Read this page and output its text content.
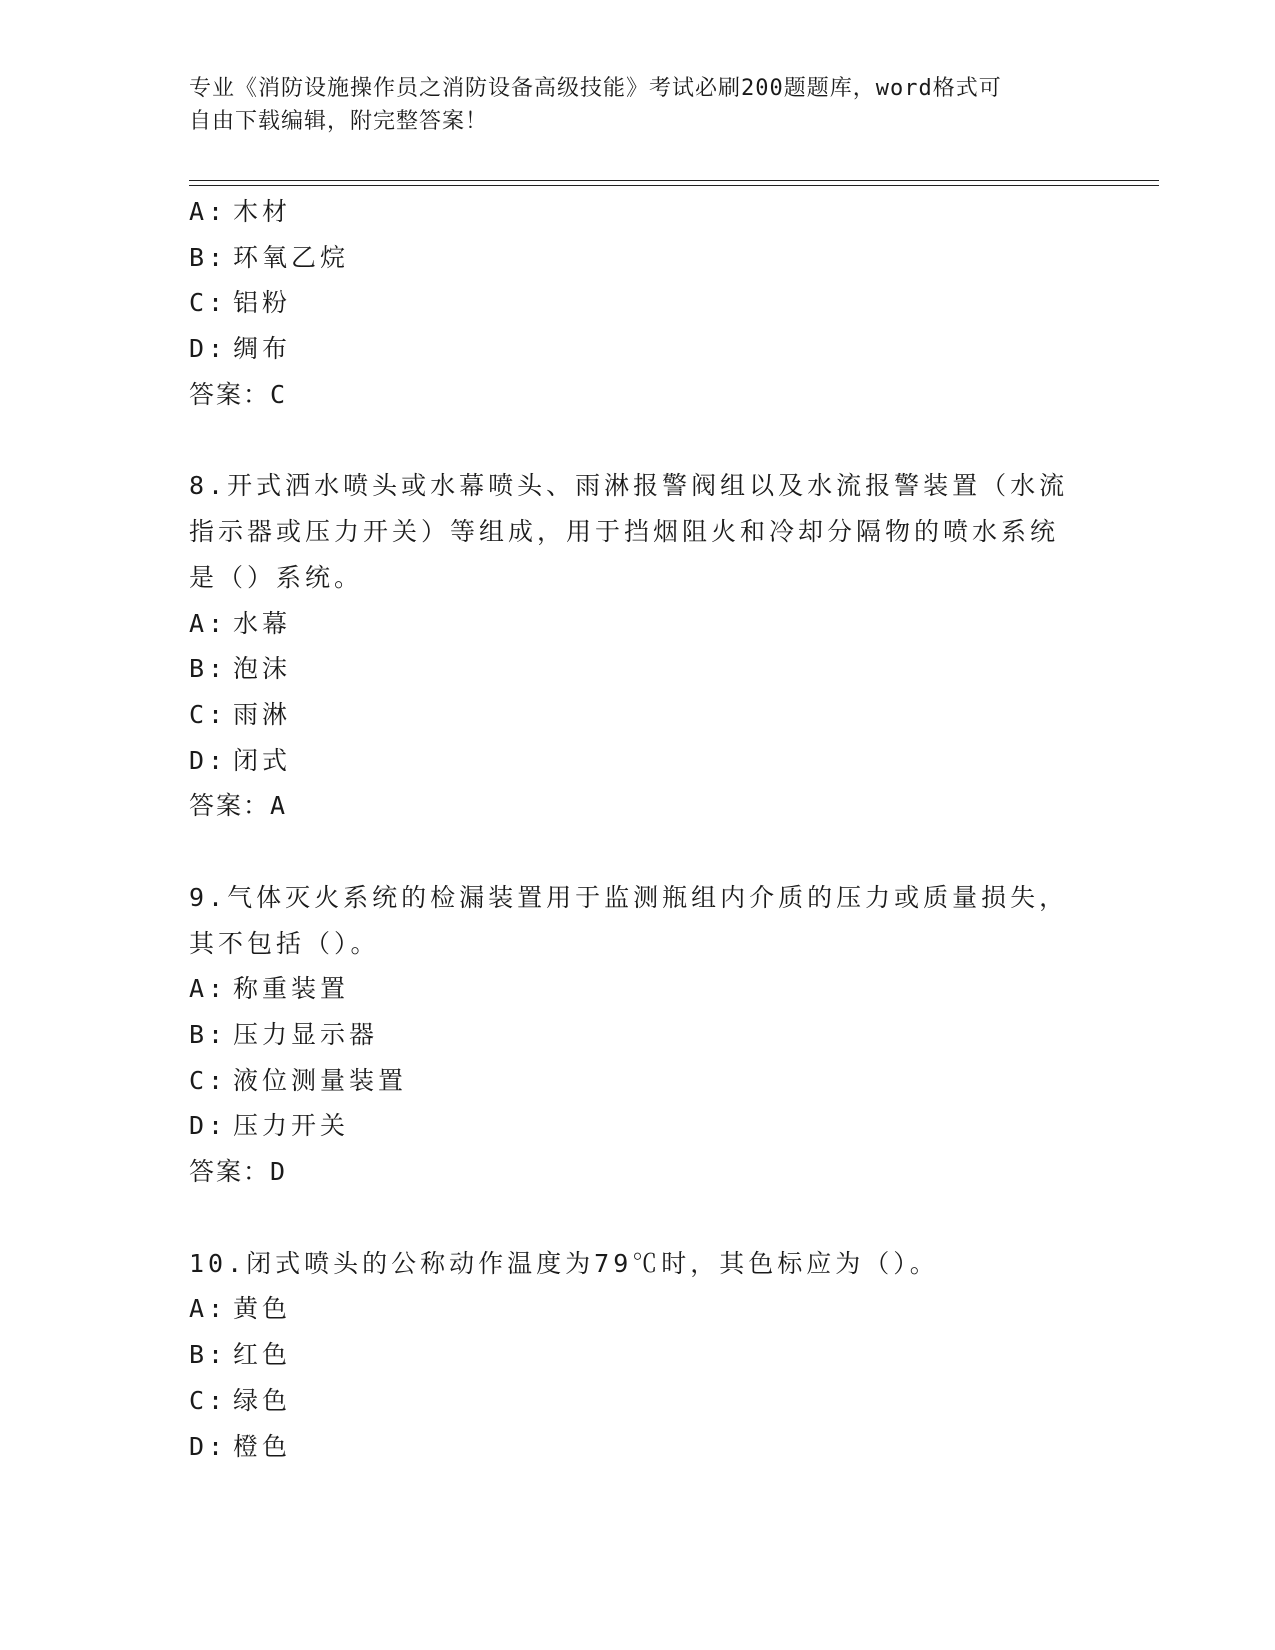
专业《消防设施操作员之消防设备高级技能》考试必刷200题题库，word格式可
自由下载编辑，附完整答案！
A: 木材
B: 环氧乙烷
C: 铝粉
D: 绸布
答案：C
8.开式洒水喷头或水幕喷头、雨淋报警阀组以及水流报警装置（水流
指示器或压力开关）等组成，用于挡烟阻火和冷却分隔物的喷水系统
是（）系统。
A: 水幕
B: 泡沫
C: 雨淋
D: 闭式
答案：A
9.气体灭火系统的检漏装置用于监测瓶组内介质的压力或质量损失，
其不包括（）。
A: 称重装置
B: 压力显示器
C: 液位测量装置
D: 压力开关
答案：D
10.闭式喷头的公称动作温度为79℃时，其色标应为（）。
A: 黄色
B: 红色
C: 绿色
D: 橙色
